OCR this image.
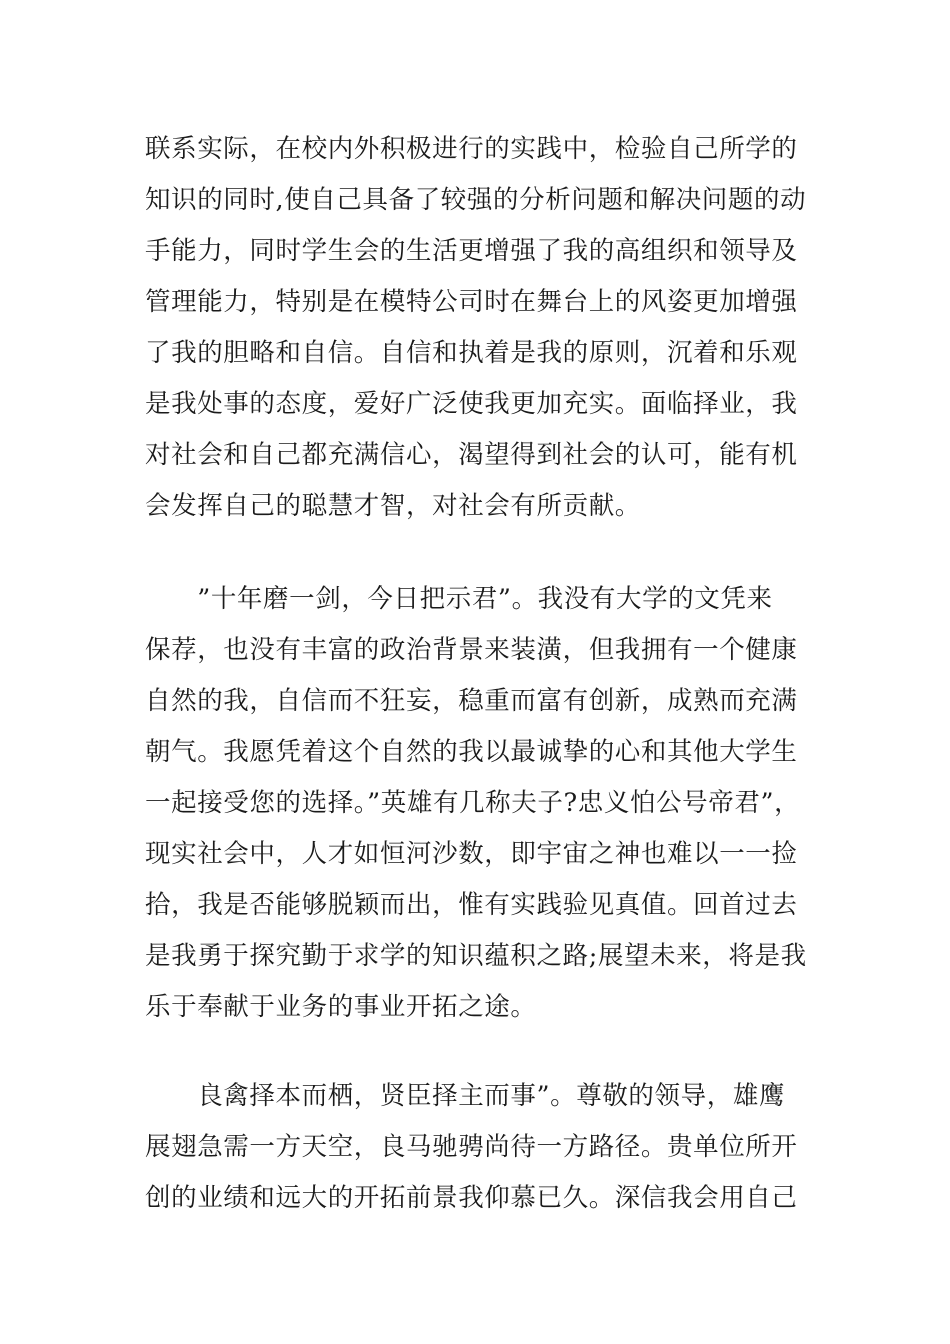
联系实际，在校内外积极进行的实践中，检验自己所学的
知识的同时,使自己具备了较强的分析问题和解决问题的动
手能力，同时学生会的生活更增强了我的高组织和领导及
管理能力，特别是在模特公司时在舞台上的风姿更加增强
了我的胆略和自信。自信和执着是我的原则，沉着和乐观
是我处事的态度，爱好广泛使我更加充实。面临择业，我
对社会和自己都充满信心，渴望得到社会的认可，能有机
会发挥自己的聪慧才智，对社会有所贡献。

　　”十年磨一剑，今日把示君”。我没有大学的文凭来
保荐，也没有丰富的政治背景来装潢，但我拥有一个健康
自然的我，自信而不狂妄，稳重而富有创新，成熟而充满
朝气。我愿凭着这个自然的我以最诚挚的心和其他大学生
一起接受您的选择。”英雄有几称夫子?忠义怕公号帝君”，
现实社会中，人才如恒河沙数，即宇宙之神也难以一一捡
拾，我是否能够脱颖而出，惟有实践验见真值。回首过去
是我勇于探究勤于求学的知识蕴积之路;展望未来，将是我
乐于奉献于业务的事业开拓之途。

　　良禽择本而栖，贤臣择主而事”。尊敬的领导，雄鹰
展翅急需一方天空，良马驰骋尚待一方路径。贵单位所开
创的业绩和远大的开拓前景我仰慕已久。深信我会用自己
